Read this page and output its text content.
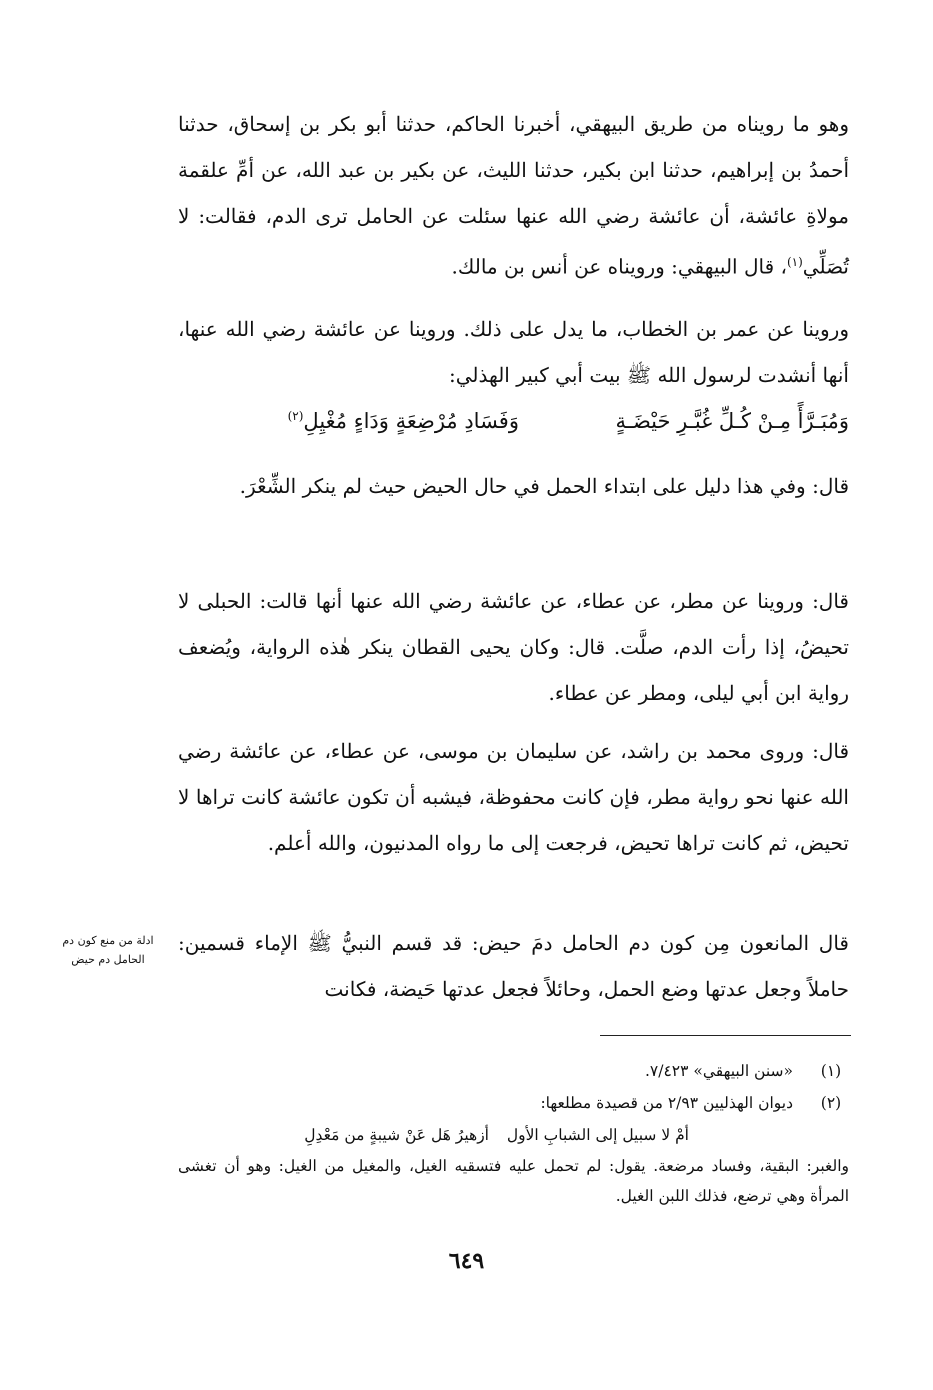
وهو ما رويناه من طريق البيهقي، أخبرنا الحاكم، حدثنا أبو بكر بن إسحاق، حدثنا أحمدُ بن إبراهيم، حدثنا ابن بكير، حدثنا الليث، عن بكير بن عبد الله، عن أمِّ علقمة مولاةِ عائشة، أن عائشة رضي الله عنها سئلت عن الحامل ترى الدم، فقالت: لا تُصَلِّي$^{(١)}$، قال البيهقي: ورويناه عن أنس بن مالك.

وروينا عن عمر بن الخطاب، ما يدل على ذلك. وروينا عن عائشة رضي الله عنها، أنها أنشدت لرسول الله ﷺ بيت أبي كبير الهذلي:

وَمُبَـرَّأً مِـنْ كُـلِّ غُبَّـرِ حَيْضَـةٍ
وَفَسَادِ مُرْضِعَةٍ وَدَاءٍ مُغْيِلِ$^{(٢)}$

قال: وفي هذا دليل على ابتداء الحمل في حال الحيض حيث لم ينكر الشِّعْرَ.

قال: وروينا عن مطر، عن عطاء، عن عائشة رضي الله عنها أنها قالت: الحبلى لا تحيضُ، إذا رأت الدم، صلَّت. قال: وكان يحيى القطان ينكر هٰذه الرواية، ويُضعف رواية ابن أبي ليلى، ومطر عن عطاء.

قال: وروى محمد بن راشد، عن سليمان بن موسى، عن عطاء، عن عائشة رضي الله عنها نحو رواية مطر، فإن كانت محفوظة، فيشبه أن تكون عائشة كانت تراها لا تحيض، ثم كانت تراها تحيض، فرجعت إلى ما رواه المدنيون، والله أعلم.

قال المانعون مِن كون دم الحامل دمَ حيض: قد قسم النبيُّ ﷺ الإماء قسمين: حاملاً وجعل عدتها وضع الحمل، وحائلاً فجعل عدتها حَيضة، فكانت

ادلة من منع كون دم الحامل دم حيض
(١)
«سنن البيهقي» ٧/٤٢٣.
(٢)
ديوان الهذليين ٢/٩٣ من قصيدة مطلعها:
أزهيرُ هَل عَنْ شيبةٍ من مَعْدِلِ أمْ لا سبيل إلى الشبابِ الأول

والغبر: البقية، وفساد مرضعة. يقول: لم تحمل عليه فتسقيه الغيل، والمغيل من الغيل: وهو أن تغشى المرأة وهي ترضع، فذلك اللبن الغيل.

٦٤٩
